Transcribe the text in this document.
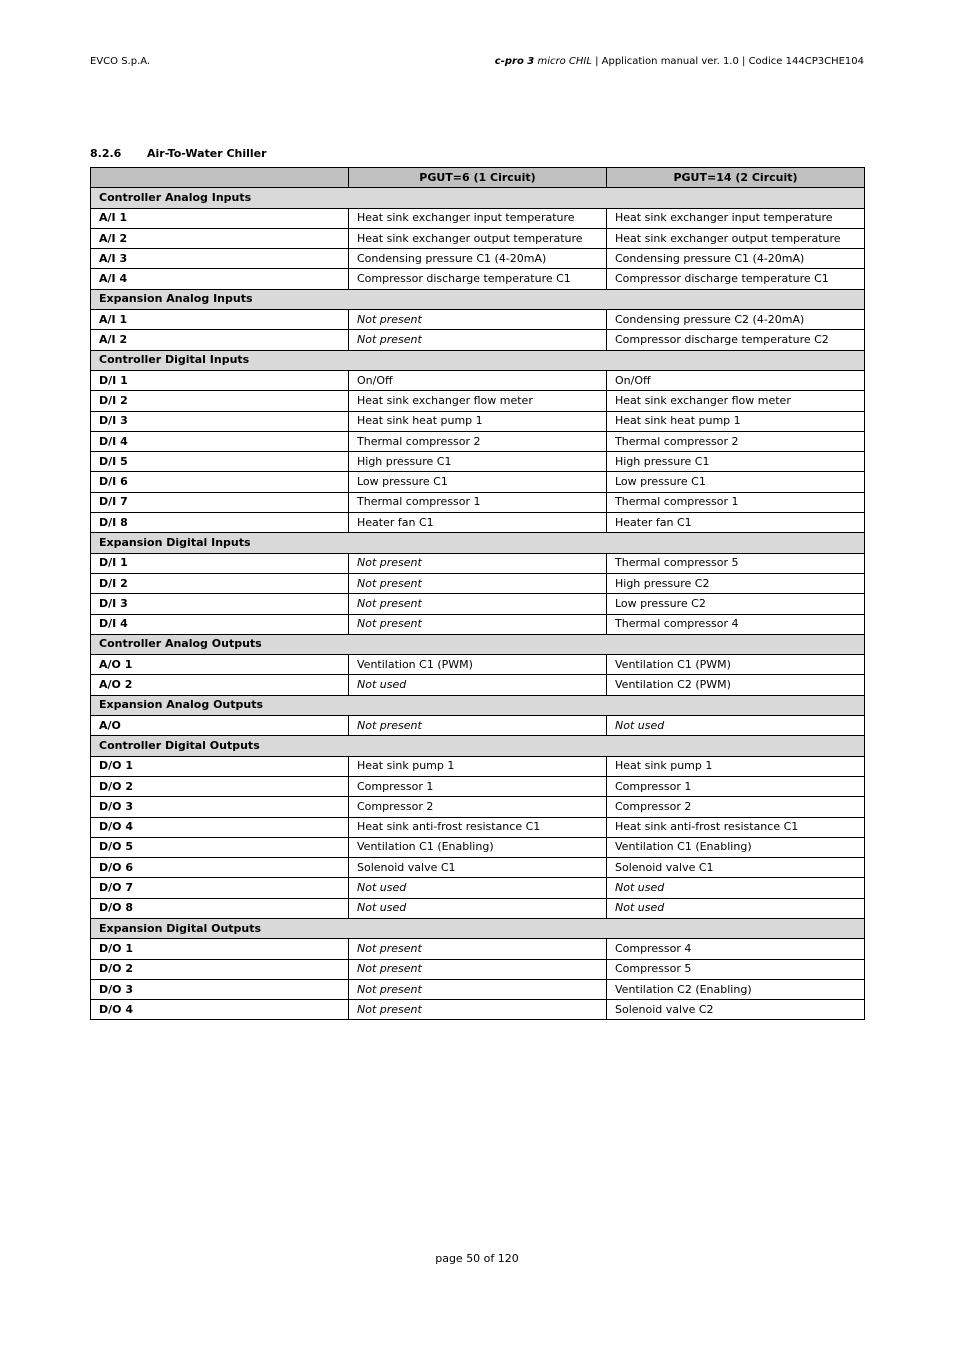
EVCO S.p.A.	c-pro 3 micro CHIL | Application manual ver. 1.0 | Codice 144CP3CHE104
8.2.6 Air-To-Water Chiller
	PGUT=6 (1 Circuit)	PGUT=14 (2 Circuit)
Controller Analog Inputs		
A/I 1	Heat sink exchanger input temperature	Heat sink exchanger input temperature
A/I 2	Heat sink exchanger output temperature	Heat sink exchanger output temperature
A/I 3	Condensing pressure C1 (4-20mA)	Condensing pressure C1 (4-20mA)
A/I 4	Compressor discharge temperature C1	Compressor discharge temperature C1
Expansion Analog Inputs		
A/I 1	Not present	Condensing pressure C2 (4-20mA)
A/I 2	Not present	Compressor discharge temperature C2
Controller Digital Inputs		
D/I 1	On/Off	On/Off
D/I 2	Heat sink exchanger flow meter	Heat sink exchanger flow meter
D/I 3	Heat sink heat pump 1	Heat sink heat pump 1
D/I 4	Thermal compressor 2	Thermal compressor 2
D/I 5	High pressure C1	High pressure C1
D/I 6	Low pressure C1	Low pressure C1
D/I 7	Thermal compressor 1	Thermal compressor 1
D/I 8	Heater fan C1	Heater fan C1
Expansion Digital Inputs		
D/I 1	Not present	Thermal compressor 5
D/I 2	Not present	High pressure C2
D/I 3	Not present	Low pressure C2
D/I 4	Not present	Thermal compressor 4
Controller Analog Outputs		
A/O 1	Ventilation C1 (PWM)	Ventilation C1 (PWM)
A/O 2	Not used	Ventilation C2 (PWM)
Expansion Analog Outputs		
A/O	Not present	Not used
Controller Digital Outputs		
D/O 1	Heat sink pump 1	Heat sink pump 1
D/O 2	Compressor 1	Compressor 1
D/O 3	Compressor 2	Compressor 2
D/O 4	Heat sink anti-frost resistance C1	Heat sink anti-frost resistance C1
D/O 5	Ventilation C1 (Enabling)	Ventilation C1 (Enabling)
D/O 6	Solenoid valve C1	Solenoid valve C1
D/O 7	Not used	Not used
D/O 8	Not used	Not used
Expansion Digital Outputs		
D/O 1	Not present	Compressor 4
D/O 2	Not present	Compressor 5
D/O 3	Not present	Ventilation C2 (Enabling)
D/O 4	Not present	Solenoid valve C2
page 50 of 120
